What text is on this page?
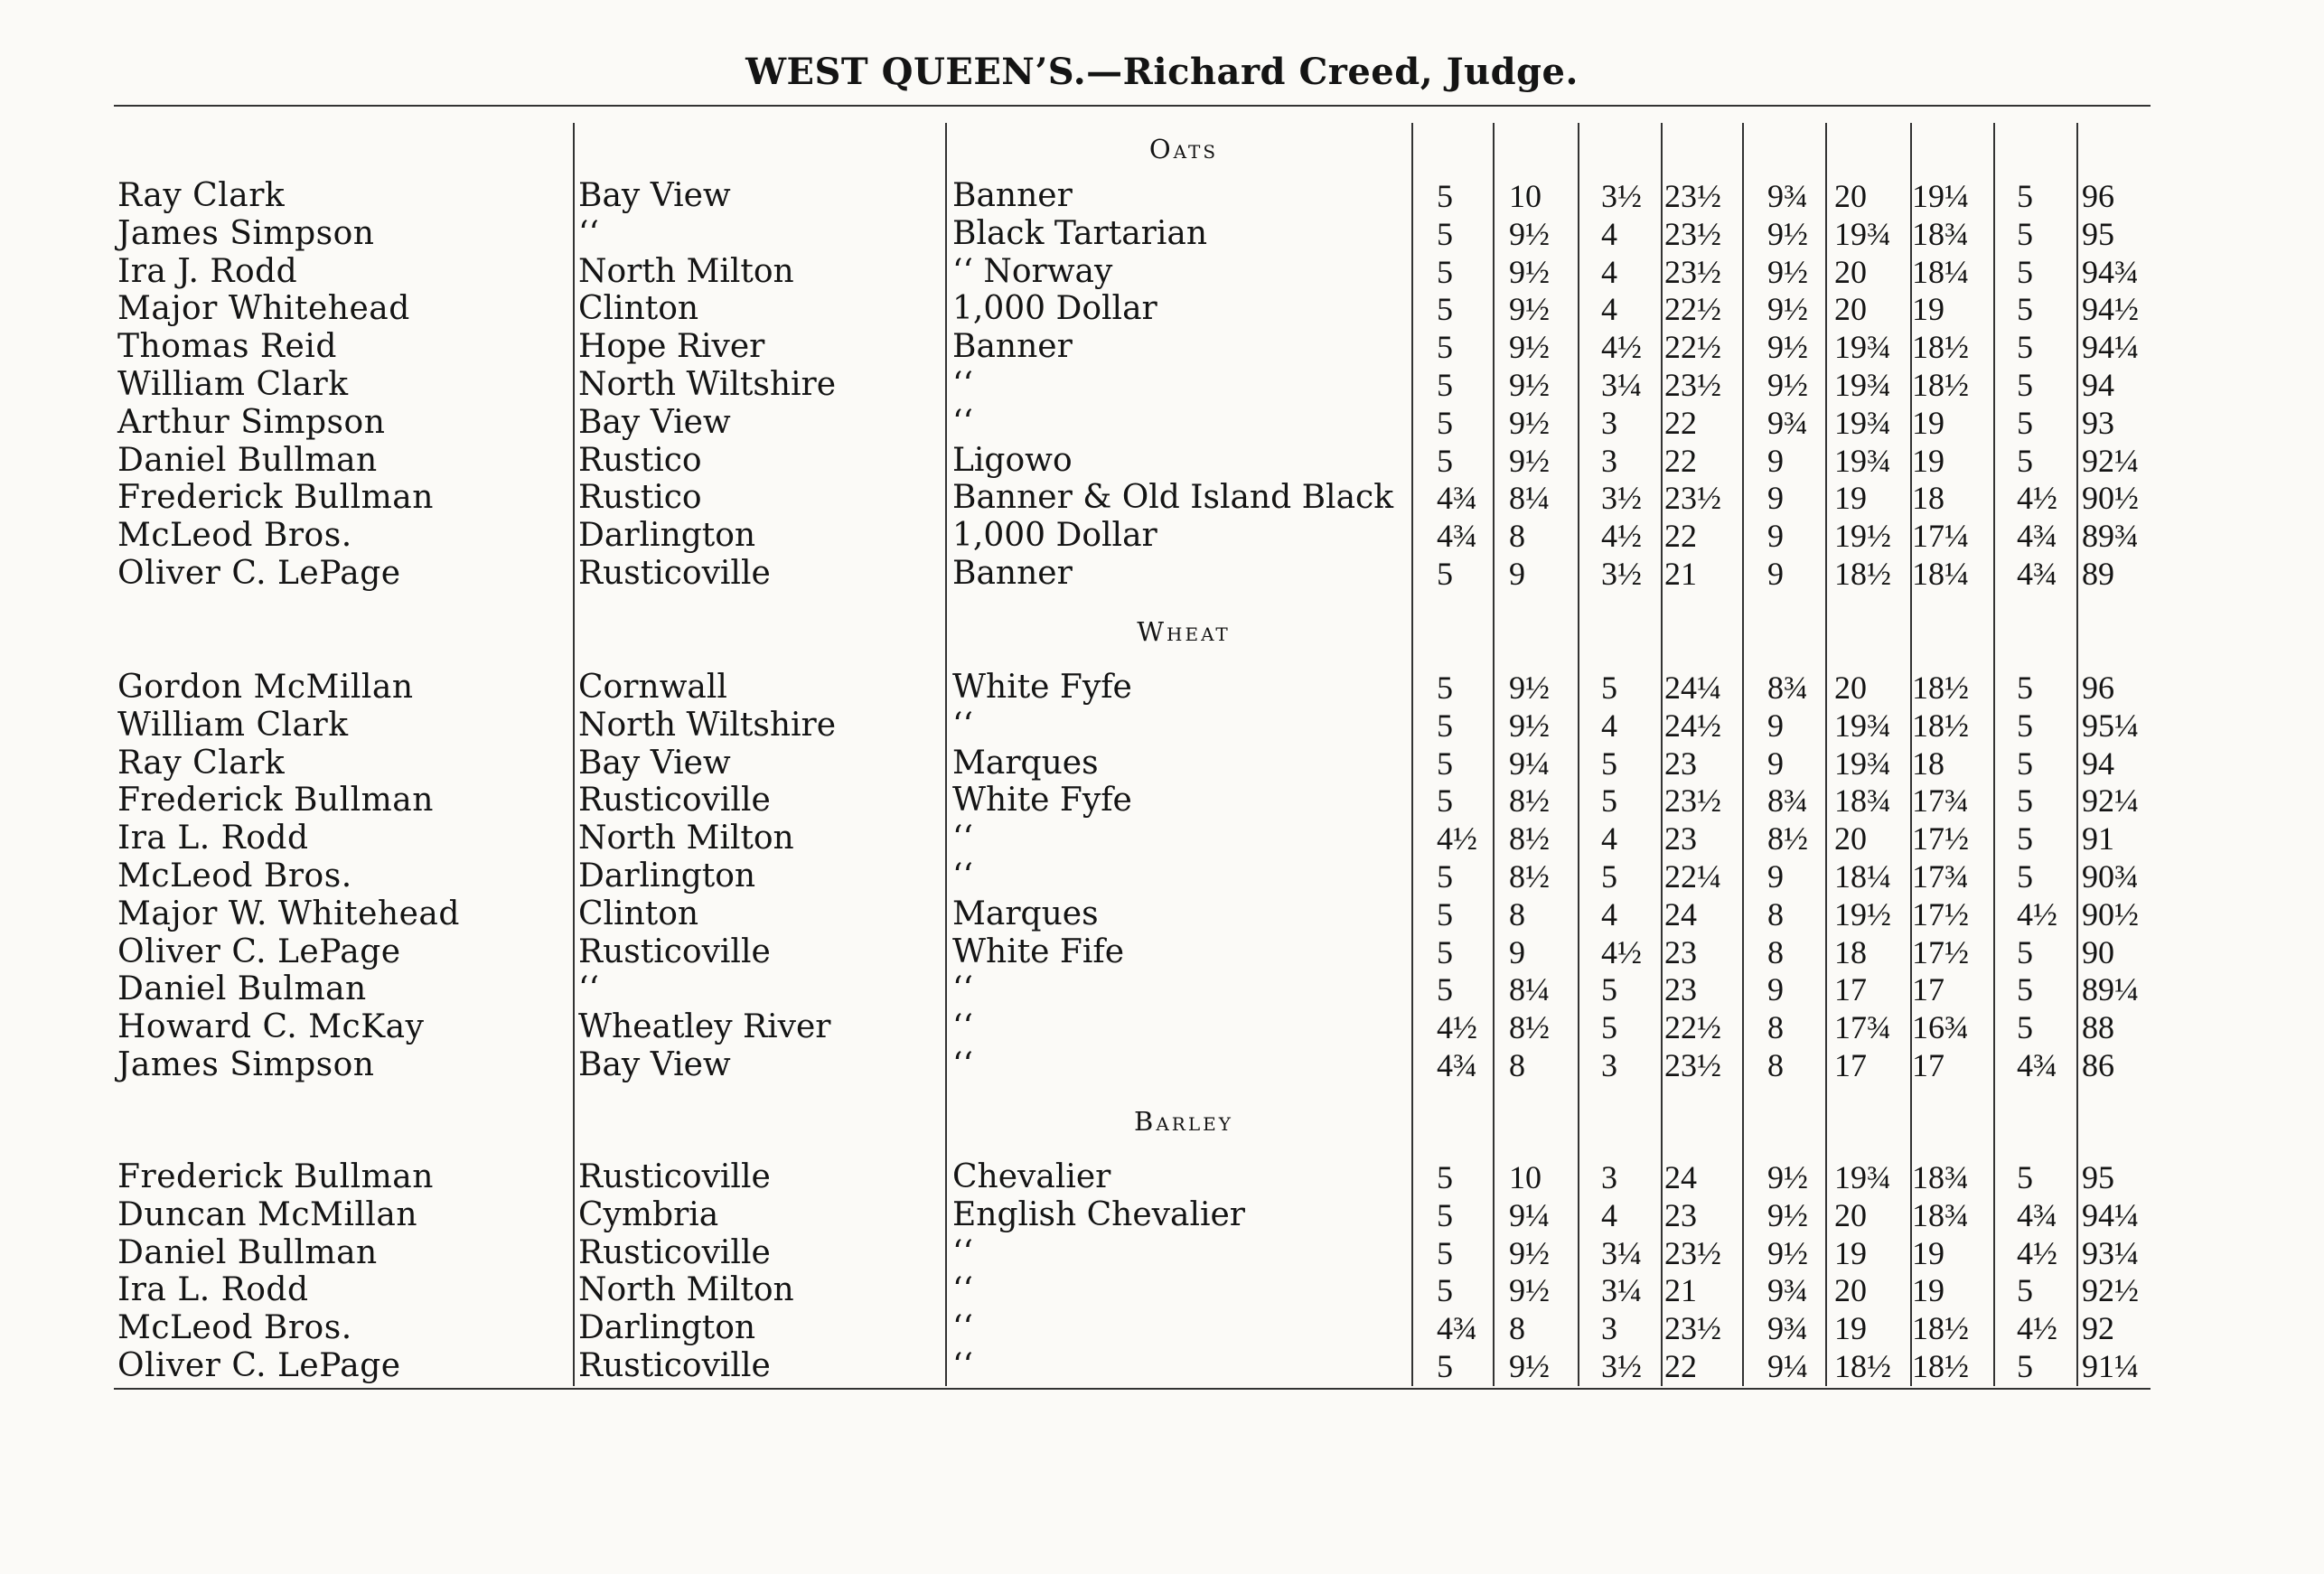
WEST QUEEN’S.—Richard Creed, Judge.
Oats
Ray Clark	Bay View	Banner	5 10 3½ 23½ 9¾ 20 19¼ 5 96
James Simpson	‘‘	Black Tartarian	5 9½ 4 23½ 9½ 19¾ 18¾ 5 95
Ira J. Rodd	North Milton	‘‘ Norway	5 9½ 4 23½ 9½ 20 18¼ 5 94¾
Major Whitehead	Clinton	1,000 Dollar	5 9½ 4 22½ 9½ 20 19 5 94½
Thomas Reid	Hope River	Banner	5 9½ 4½ 22½ 9½ 19¾ 18½ 5 94¼
William Clark	North Wiltshire	‘‘	5 9½ 3¼ 23½ 9½ 19¾ 18½ 5 94
Arthur Simpson	Bay View	‘‘	5 9½ 3 22 9¾ 19¾ 19 5 93
Daniel Bullman	Rustico	Ligowo	5 9½ 3 22 9 19¾ 19 5 92¼
Frederick Bullman	Rustico	Banner & Old Island Black 4¾ 8¼ 3½ 23½ 9 19 18 4½ 90½
McLeod Bros.	Darlington	1,000 Dollar	4¾ 8 4½ 22 9 19½ 17¼ 4¾ 89¾
Oliver C. LePage	Rusticoville	Banner	5 9 3½ 21 9 18½ 18¼ 4¾ 89
Wheat
Gordon McMillan	Cornwall	White Fyfe	5 9½ 5 24¼ 8¾ 20 18½ 5 96
William Clark	North Wiltshire	‘‘	5 9½ 4 24½ 9 19¾ 18½ 5 95¼
Ray Clark	Bay View	Marques	5 9¼ 5 23 9 19¾ 18 5 94
Frederick Bullman	Rusticoville	White Fyfe	5 8½ 5 23½ 8¾ 18¾ 17¾ 5 92¼
Ira L. Rodd	North Milton	‘‘	4½ 8½ 4 23 8½ 20 17½ 5 91
McLeod Bros.	Darlington	‘‘	5 8½ 5 22¼ 9 18¼ 17¾ 5 90¾
Major W. Whitehead	Clinton	Marques	5 8 4 24 8 19½ 17½ 4½ 90½
Oliver C. LePage	Rusticoville	White Fife	5 9 4½ 23 8 18 17½ 5 90
Daniel Bulman	‘‘	‘‘	5 8¼ 5 23 9 17 17 5 89¼
Howard C. McKay	Wheatley River	‘‘	4½ 8½ 5 22½ 8 17¾ 16¾ 5 88
James Simpson	Bay View	‘‘	4¾ 8 3 23½ 8 17 17 4¾ 86
Barley
Frederick Bullman	Rusticoville	Chevalier	5 10 3 24 9½ 19¾ 18¾ 5 95
Duncan McMillan	Cymbria	English Chevalier	5 9¼ 4 23 9½ 20 18¾ 4¾ 94¼
Daniel Bullman	Rusticoville	‘‘	5 9½ 3¼ 23½ 9½ 19 19 4½ 93¼
Ira L. Rodd	North Milton	‘‘	5 9½ 3¼ 21 9¾ 20 19 5 92½
McLeod Bros.	Darlington	‘‘	4¾ 8 3 23½ 9¾ 19 18½ 4½ 92
Oliver C. LePage	Rusticoville	‘‘	5 9½ 3½ 22 9¼ 18½ 18½ 5 91¼
